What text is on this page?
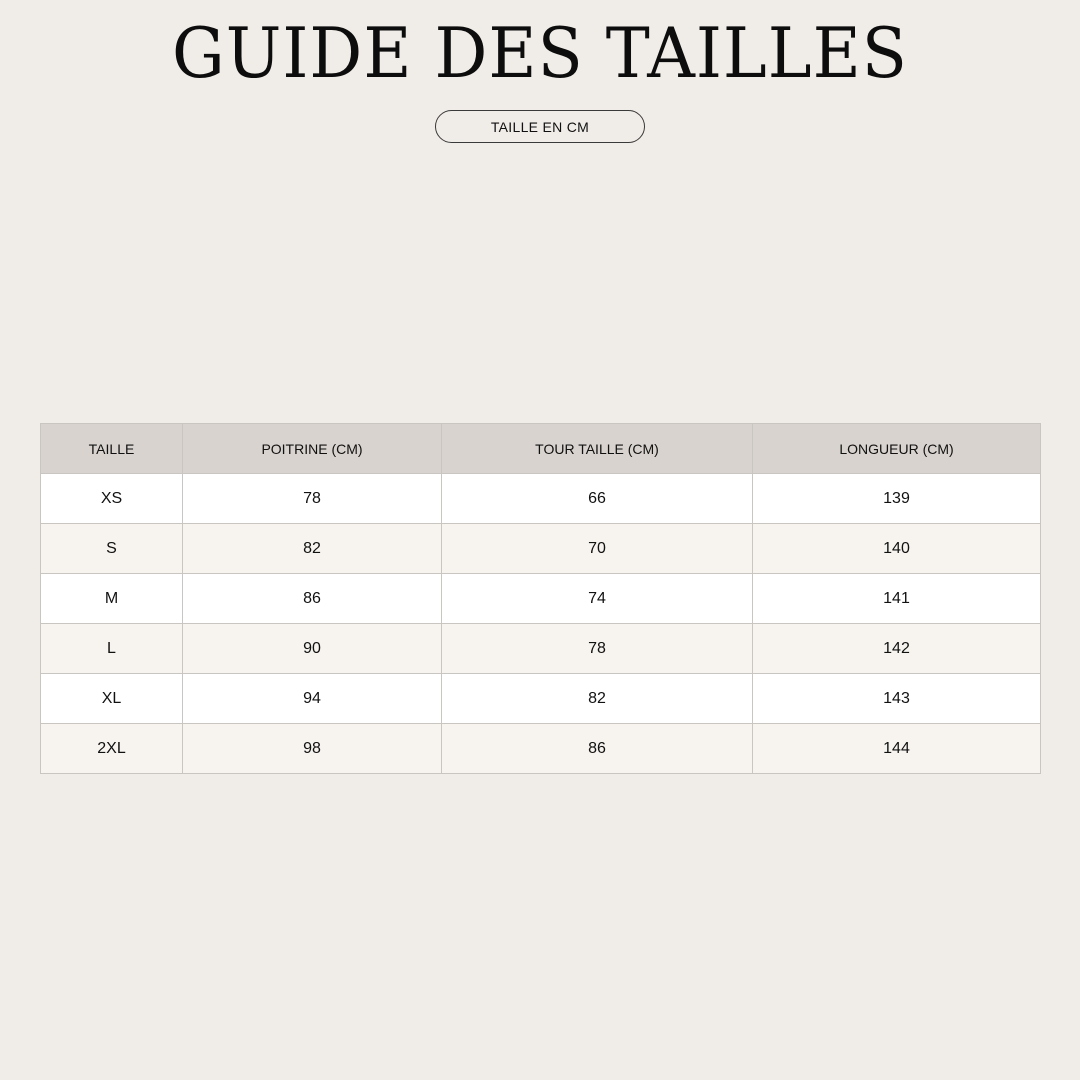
GUIDE DES TAILLES
TAILLE EN CM
TAILLE	POITRINE (CM)	TOUR TAILLE (CM)	LONGUEUR (CM)
XS	78	66	139
S	82	70	140
M	86	74	141
L	90	78	142
XL	94	82	143
2XL	98	86	144
